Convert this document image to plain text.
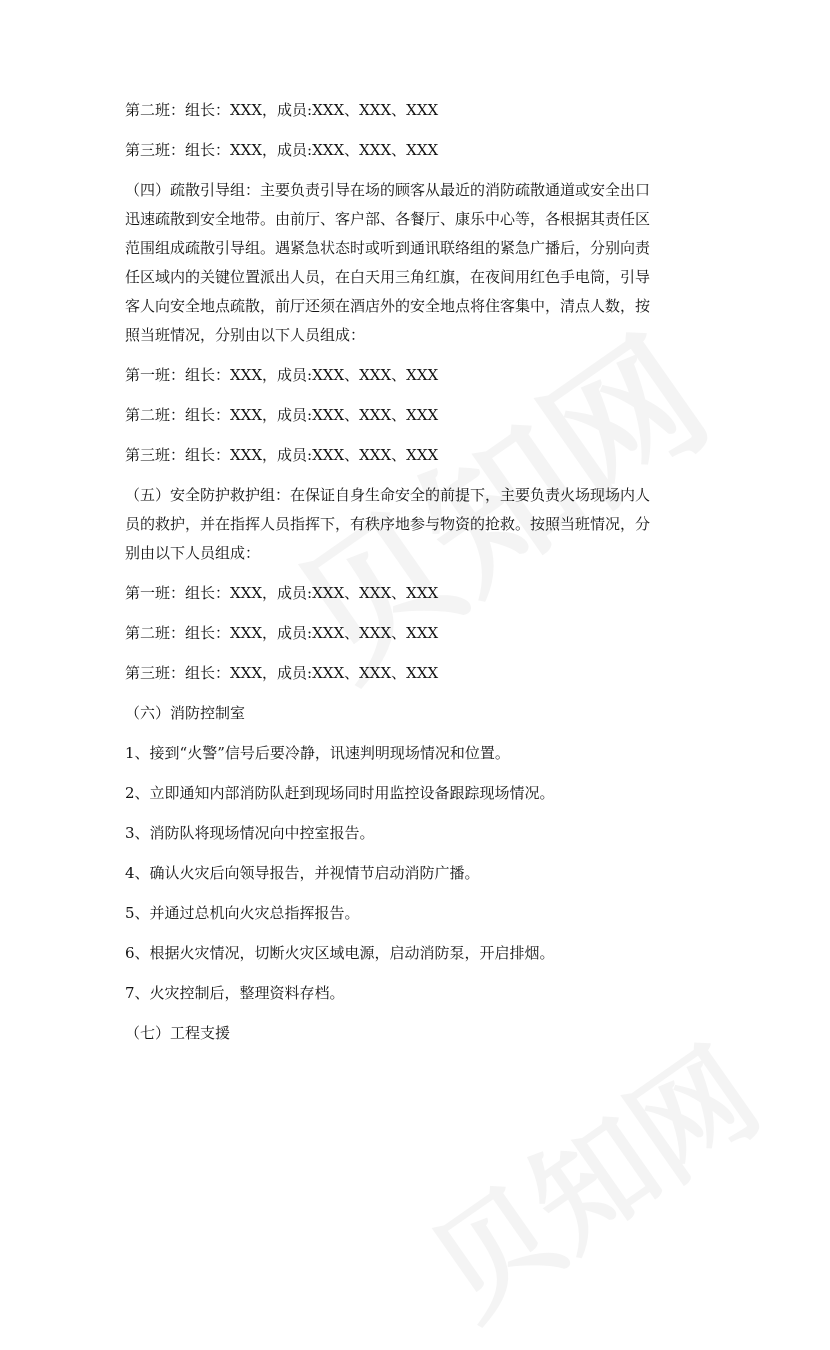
第二班：组长：XXX，成员:XXX、XXX、XXX

第三班：组长：XXX，成员:XXX、XXX、XXX

（四）疏散引导组：主要负责引导在场的顾客从最近的消防疏散通道或安全出口
迅速疏散到安全地带。由前厅、客户部、各餐厅、康乐中心等，各根据其责任区
范围组成疏散引导组。遇紧急状态时或听到通讯联络组的紧急广播后，分别向责
任区域内的关键位置派出人员，在白天用三角红旗，在夜间用红色手电筒，引导
客人向安全地点疏散，前厅还须在酒店外的安全地点将住客集中，清点人数，按
照当班情况，分别由以下人员组成：

第一班：组长：XXX，成员:XXX、XXX、XXX

第二班：组长：XXX，成员:XXX、XXX、XXX

第三班：组长：XXX，成员:XXX、XXX、XXX

（五）安全防护救护组：在保证自身生命安全的前提下，主要负责火场现场内人
员的救护，并在指挥人员指挥下，有秩序地参与物资的抢救。按照当班情况，分
别由以下人员组成：

第一班：组长：XXX，成员:XXX、XXX、XXX

第二班：组长：XXX，成员:XXX、XXX、XXX

第三班：组长：XXX，成员:XXX、XXX、XXX

（六）消防控制室

1、接到“火警”信号后要冷静，讯速判明现场情况和位置。

2、立即通知内部消防队赶到现场同时用监控设备跟踪现场情况。

3、消防队将现场情况向中控室报告。

4、确认火灾后向领导报告，并视情节启动消防广播。

5、并通过总机向火灾总指挥报告。

6、根据火灾情况，切断火灾区域电源，启动消防泵，开启排烟。

7、火灾控制后，整理资料存档。

（七）工程支援
